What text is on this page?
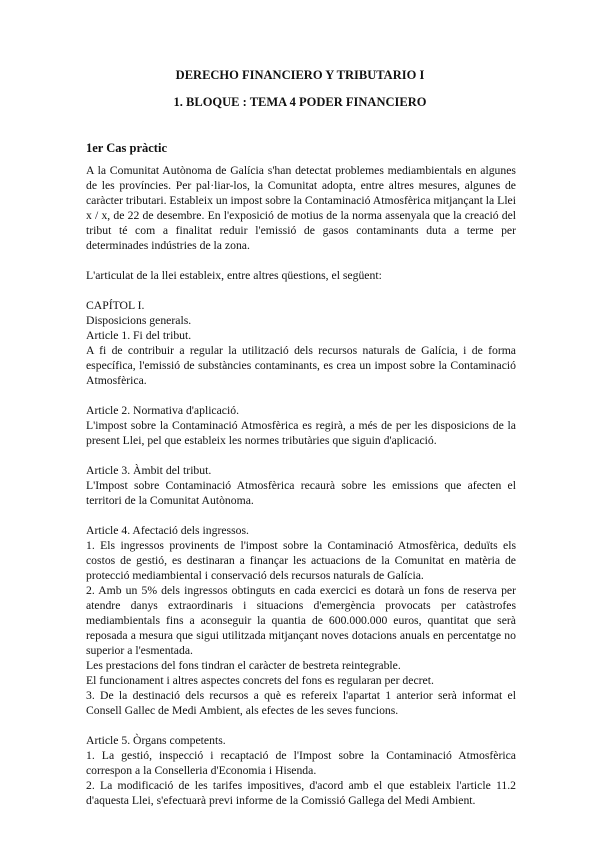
DERECHO FINANCIERO Y TRIBUTARIO I
1. BLOQUE : TEMA 4 PODER FINANCIERO
1er Cas pràctic

A la Comunitat Autònoma de Galícia s'han detectat problemes mediambientals en algunes de les províncies. Per pal·liar-los, la Comunitat adopta, entre altres mesures, algunes de caràcter tributari. Estableix un impost sobre la Contaminació Atmosfèrica mitjançant la Llei x / x, de 22 de desembre. En l'exposició de motius de la norma assenyala que la creació del tribut té com a finalitat reduir l'emissió de gasos contaminants duta a terme per determinades indústries de la zona.

L'articulat de la llei estableix, entre altres qüestions, el següent:

CAPÍTOL I.

Disposicions generals.

Article 1. Fi del tribut.

A fi de contribuir a regular la utilització dels recursos naturals de Galícia, i de forma específica, l'emissió de substàncies contaminants, es crea un impost sobre la Contaminació Atmosfèrica.

Article 2. Normativa d'aplicació.

L'impost sobre la Contaminació Atmosfèrica es regirà, a més de per les disposicions de la present Llei, pel que estableix les normes tributàries que siguin d'aplicació.

Article 3. Àmbit del tribut.

L'Impost sobre Contaminació Atmosfèrica recaurà sobre les emissions que afecten el territori de la Comunitat Autònoma.

Article 4. Afectació dels ingressos.

1. Els ingressos provinents de l'impost sobre la Contaminació Atmosfèrica, deduïts els costos de gestió, es destinaran a finançar les actuacions de la Comunitat en matèria de protecció mediambiental i conservació dels recursos naturals de Galícia.

2. Amb un 5% dels ingressos obtinguts en cada exercici es dotarà un fons de reserva per atendre danys extraordinaris i situacions d'emergència provocats per catàstrofes mediambientals fins a aconseguir la quantia de 600.000.000 euros, quantitat que serà reposada a mesura que sigui utilitzada mitjançant noves dotacions anuals en percentatge no superior a l'esmentada.

Les prestacions del fons tindran el caràcter de bestreta reintegrable.

El funcionament i altres aspectes concrets del fons es regularan per decret.

3. De la destinació dels recursos a què es refereix l'apartat 1 anterior serà informat el Consell Gallec de Medi Ambient, als efectes de les seves funcions.

Article 5. Òrgans competents.

1. La gestió, inspecció i recaptació de l'Impost sobre la Contaminació Atmosfèrica correspon a la Conselleria d'Economia i Hisenda.

2. La modificació de les tarifes impositives, d'acord amb el que estableix l'article 11.2 d'aquesta Llei, s'efectuarà previ informe de la Comissió Gallega del Medi Ambient.
